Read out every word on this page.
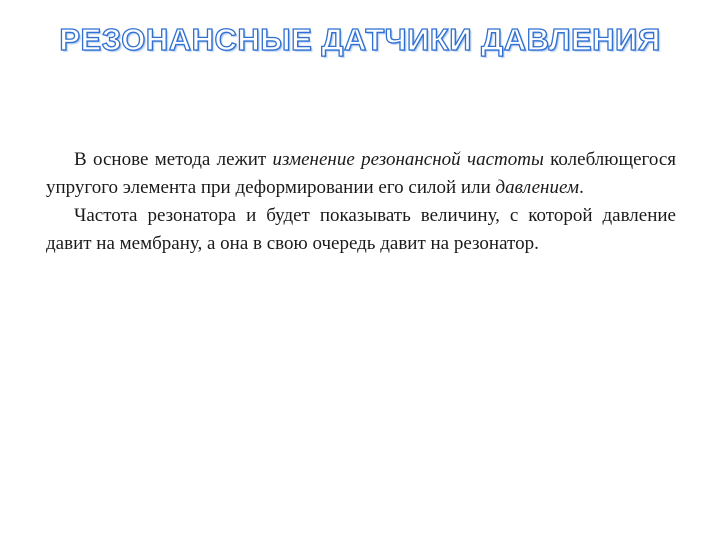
РЕЗОНАНСНЫЕ ДАТЧИКИ ДАВЛЕНИЯ

В основе метода лежит изменение резонансной частоты колеблющегося упругого элемента при деформировании его силой или давлением.

Частота резонатора и будет показывать величину, с которой давление давит на мембрану, а она в свою очередь давит на резонатор.
